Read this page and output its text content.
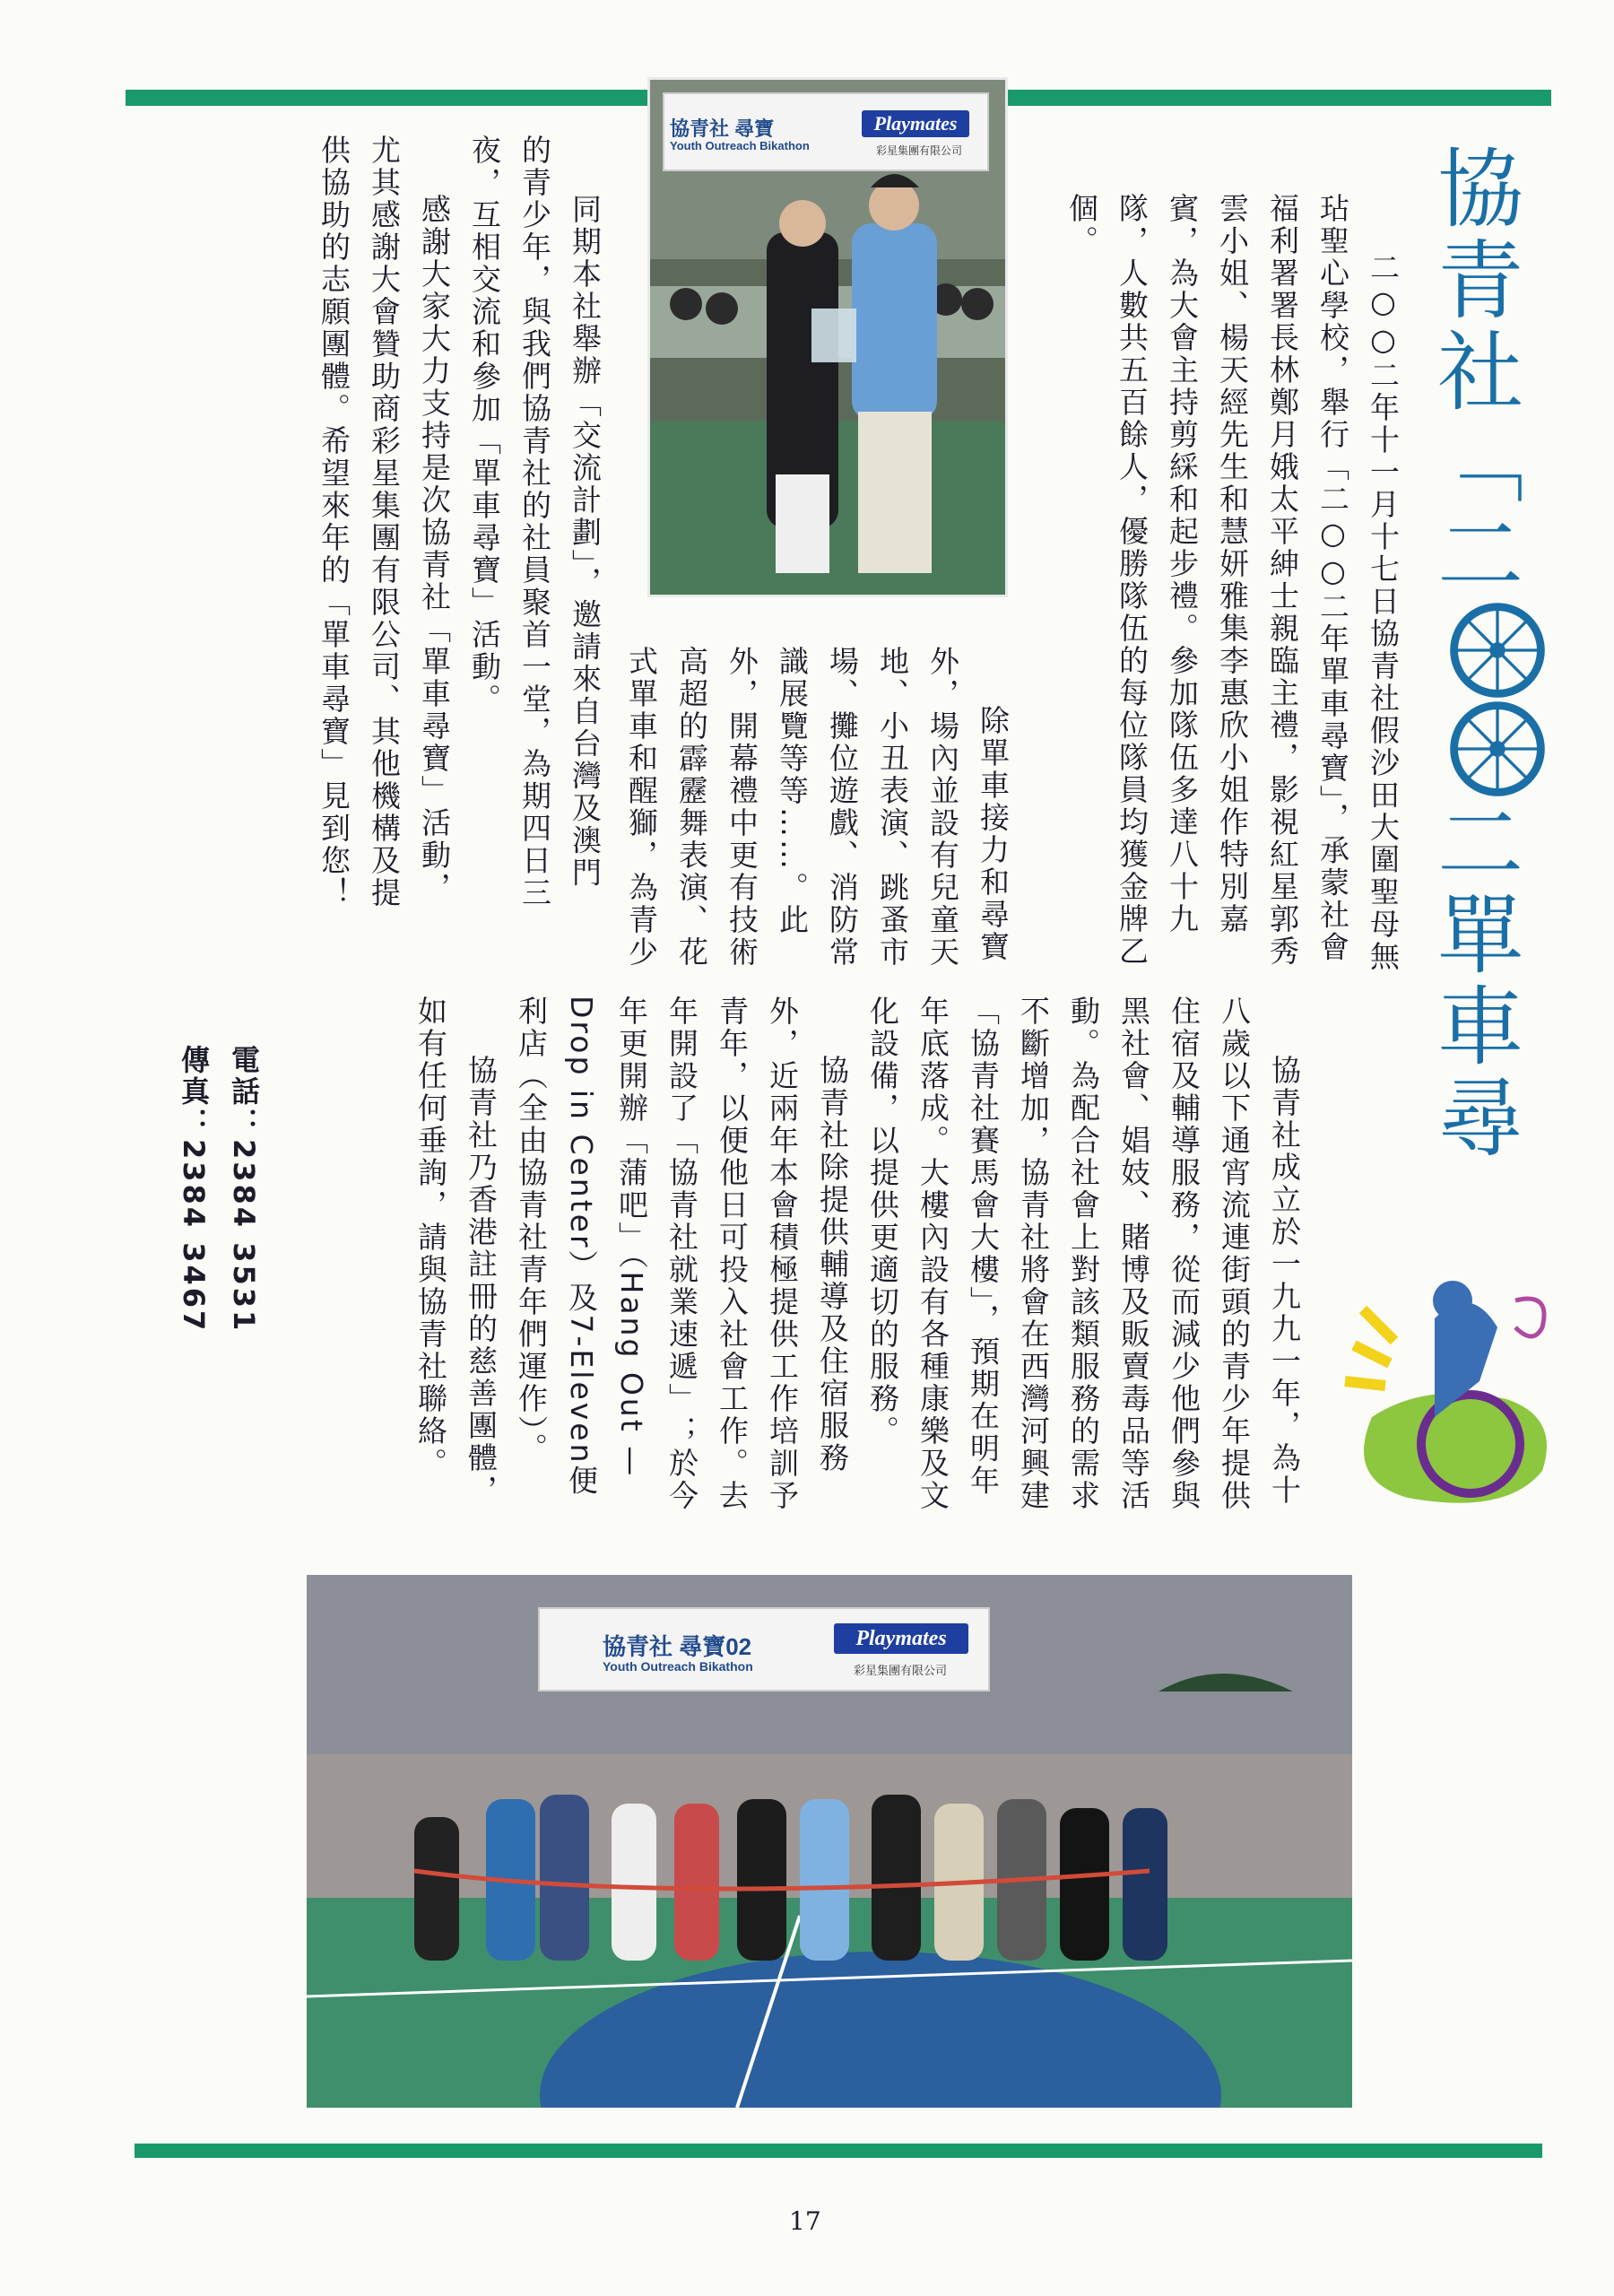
協青社 尋寶
Youth Outreach Bikathon
Playmates
彩星集團有限公司	協青社「二二單車尋

二○○二年十一月十七日協青社假沙田大圍聖母無玷聖心學校，舉行「二○○二年單車尋寶」，承蒙社會福利署署長林鄭月娥太平紳士親臨主禮，影視紅星郭秀雲小姐、楊天經先生和慧妍雅集李惠欣小姐作特別嘉賓，為大會主持剪綵和起步禮。參加隊伍多達八十九隊，人數共五百餘人，優勝隊伍的每位隊員均獲金牌乙個。

除單車接力和尋寶外，場內並設有兒童天地、小丑表演、跳蚤市場、攤位遊戲、消防常識展覽等等……。此外，開幕禮中更有技術高超的霹靂舞表演、花式單車和醒獅，為青少

同期本社舉辦「交流計劃」，邀請來自台灣及澳門的青少年，與我們協青社的社員聚首一堂，為期四日三夜，互相交流和參加「單車尋寶」活動。

感謝大家大力支持是次協青社「單車尋寶」活動，尤其感謝大會贊助商彩星集團有限公司、其他機構及提供協助的志願團體。希望來年的「單車尋寶」見到您！

協青社成立於一九九一年，為十八歲以下通宵流連街頭的青少年提供住宿及輔導服務，從而減少他們參與黑社會、娼妓、賭博及販賣毒品等活動。為配合社會上對該類服務的需求不斷增加，協青社將會在西灣河興建「協青社賽馬會大樓」，預期在明年年底落成。大樓內設有各種康樂及文化設備，以提供更適切的服務。

協青社除提供輔導及住宿服務外，近兩年本會積極提供工作培訓予青年，以便他日可投入社會工作。去年開設了「協青社就業速遞」；於今年更開辦「蒲吧」（Hang Out — Drop in Center）及7-Eleven便利店（全由協青社青年們運作）。

協青社乃香港註冊的慈善團體，如有任何垂詢，請與協青社聯絡。

電話：2384 3531
傳真：2384 3467
協青社 尋寶02
Youth Outreach Bikathon
Playmates
彩星集團有限公司
17
